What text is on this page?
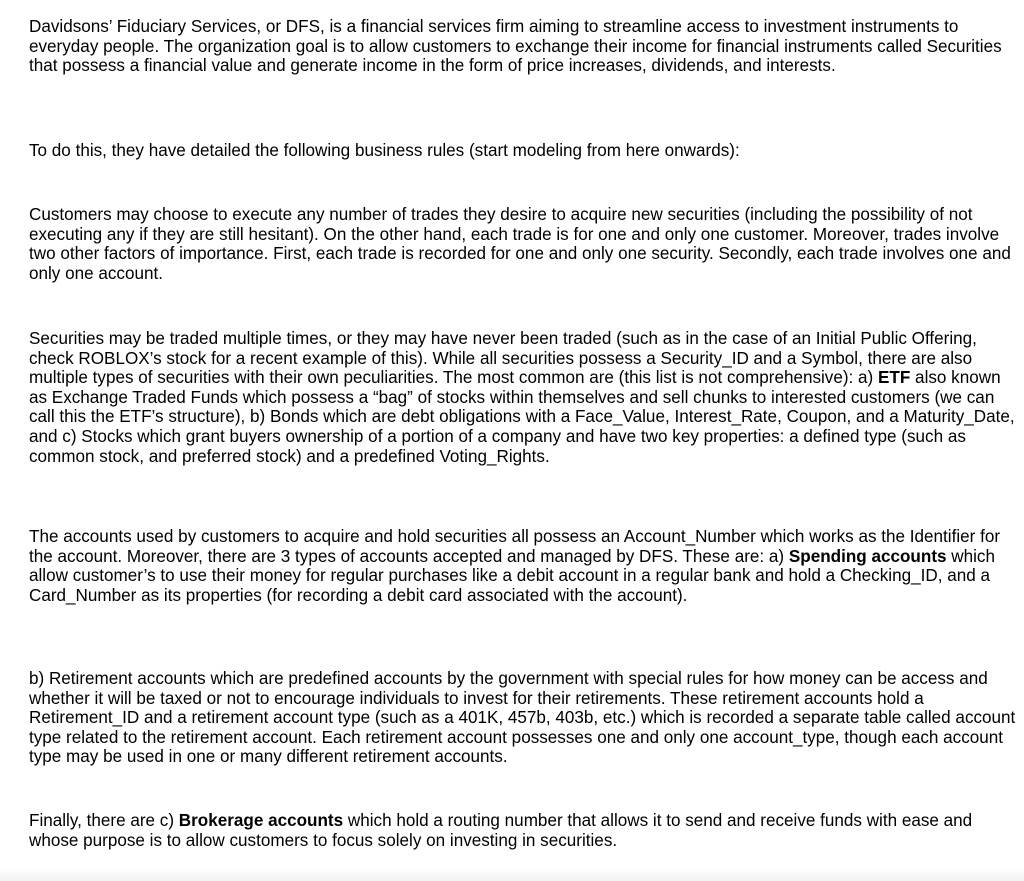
Davidsons’ Fiduciary Services, or DFS, is a financial services firm aiming to streamline access to investment instruments to everyday people. The organization goal is to allow customers to exchange their income for financial instruments called Securities that possess a financial value and generate income in the form of price increases, dividends, and interests.

To do this, they have detailed the following business rules (start modeling from here onwards):

Customers may choose to execute any number of trades they desire to acquire new securities (including the possibility of not executing any if they are still hesitant). On the other hand, each trade is for one and only one customer. Moreover, trades involve two other factors of importance. First, each trade is recorded for one and only one security. Secondly, each trade involves one and only one account.

Securities may be traded multiple times, or they may have never been traded (such as in the case of an Initial Public Offering, check ROBLOX’s stock for a recent example of this). While all securities possess a Security_ID and a Symbol, there are also multiple types of securities with their own peculiarities. The most common are (this list is not comprehensive): a) ETF also known as Exchange Traded Funds which possess a “bag” of stocks within themselves and sell chunks to interested customers (we can call this the ETF’s structure), b) Bonds which are debt obligations with a Face_Value, Interest_Rate, Coupon, and a Maturity_Date, and c) Stocks which grant buyers ownership of a portion of a company and have two key properties: a defined type (such as common stock, and preferred stock) and a predefined Voting_Rights.

The accounts used by customers to acquire and hold securities all possess an Account_Number which works as the Identifier for the account. Moreover, there are 3 types of accounts accepted and managed by DFS. These are: a) Spending accounts which allow customer’s to use their money for regular purchases like a debit account in a regular bank and hold a Checking_ID, and a Card_Number as its properties (for recording a debit card associated with the account).

b) Retirement accounts which are predefined accounts by the government with special rules for how money can be access and whether it will be taxed or not to encourage individuals to invest for their retirements. These retirement accounts hold a Retirement_ID and a retirement account type (such as a 401K, 457b, 403b, etc.) which is recorded a separate table called account type related to the retirement account. Each retirement account possesses one and only one account_type, though each account type may be used in one or many different retirement accounts.

Finally, there are c) Brokerage accounts which hold a routing number that allows it to send and receive funds with ease and whose purpose is to allow customers to focus solely on investing in securities.
